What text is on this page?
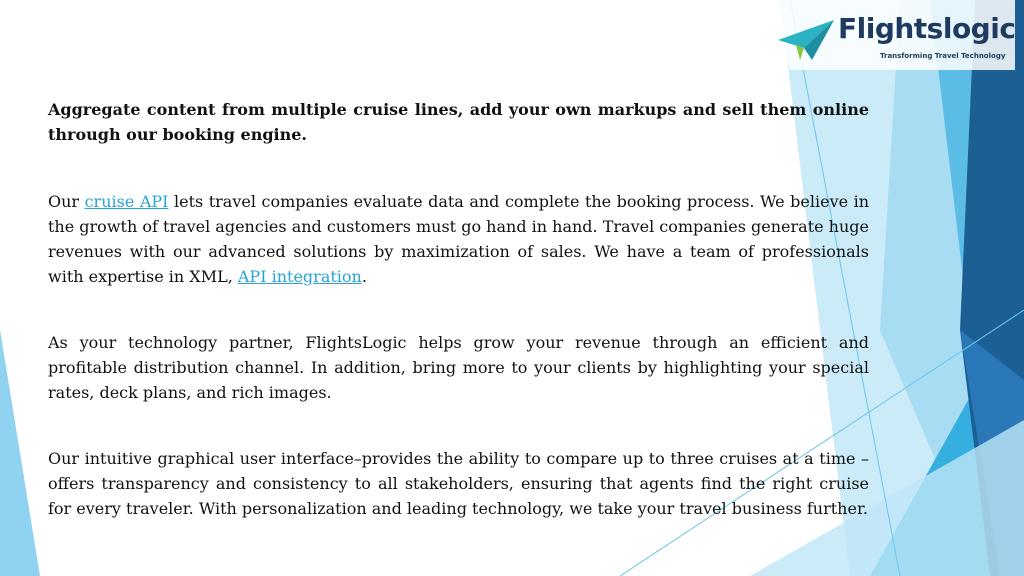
Flightslogic
Transforming Travel Technology

Aggregate content from multiple cruise lines, add your own markups and sell them online through our booking engine.

Our cruise API lets travel companies evaluate data and complete the booking process. We believe in the growth of travel agencies and customers must go hand in hand. Travel companies generate huge revenues with our advanced solutions by maximization of sales. We have a team of professionals with expertise in XML, API integration.

As your technology partner, FlightsLogic helps grow your revenue through an efficient and profitable distribution channel. In addition, bring more to your clients by highlighting your special rates, deck plans, and rich images.

Our intuitive graphical user interface–provides the ability to compare up to three cruises at a time – offers transparency and consistency to all stakeholders, ensuring that agents find the right cruise for every traveler. With personalization and leading technology, we take your travel business further.
